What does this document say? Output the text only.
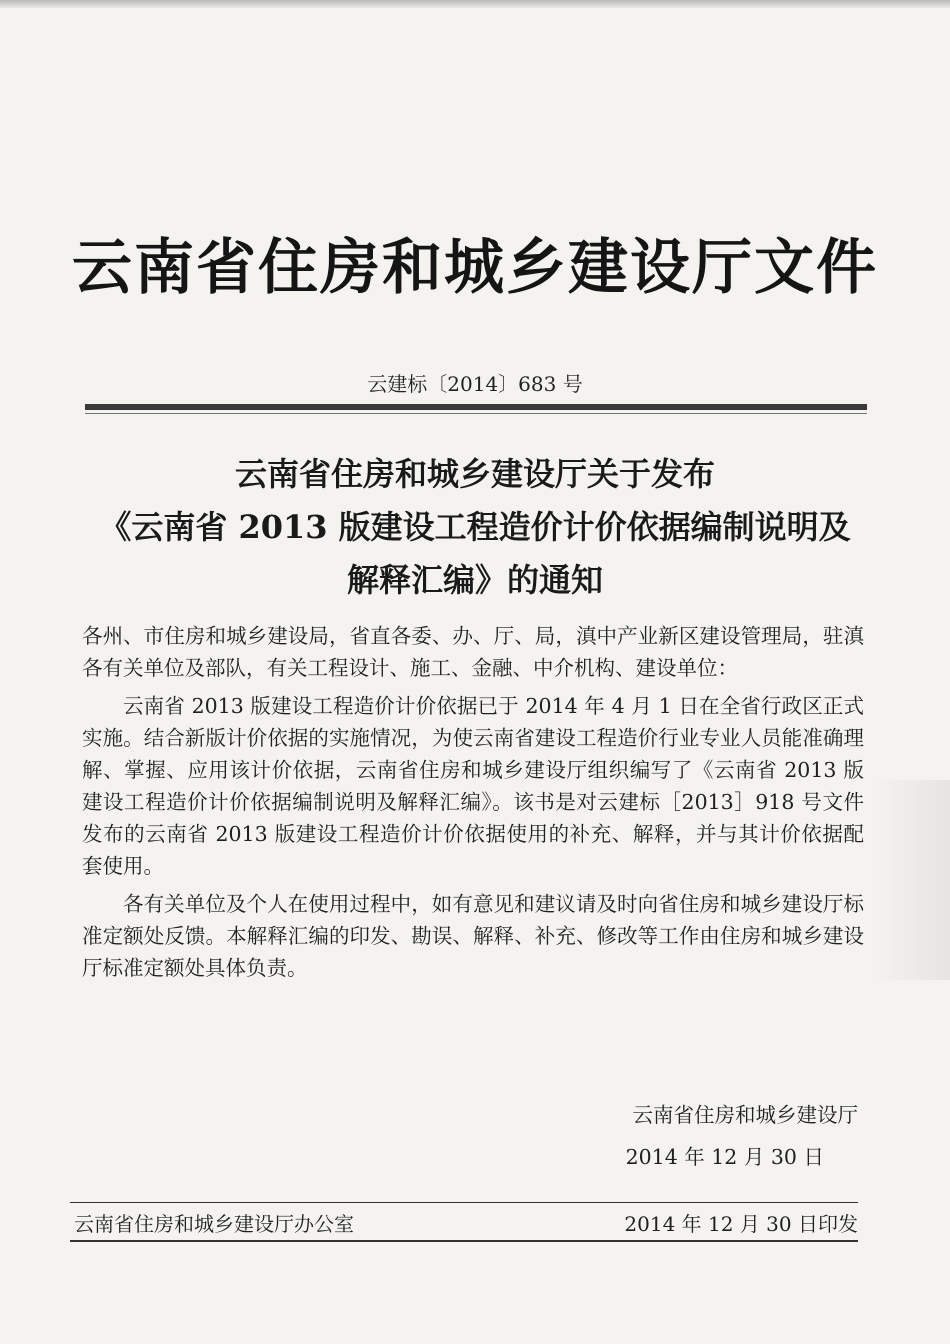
云南省住房和城乡建设厅文件
云建标〔2014〕683 号
云南省住房和城乡建设厅关于发布
《云南省 2013 版建设工程造价计价依据编制说明及
解释汇编》的通知

各州、市住房和城乡建设局，省直各委、办、厅、局，滇中产业新区建设管理局，驻滇各有关单位及部队，有关工程设计、施工、金融、中介机构、建设单位：

云南省 2013 版建设工程造价计价依据已于 2014 年 4 月 1 日在全省行政区正式实施。结合新版计价依据的实施情况，为使云南省建设工程造价行业专业人员能准确理解、掌握、应用该计价依据，云南省住房和城乡建设厅组织编写了《云南省 2013 版建设工程造价计价依据编制说明及解释汇编》。该书是对云建标［2013］918 号文件发布的云南省 2013 版建设工程造价计价依据使用的补充、解释，并与其计价依据配套使用。

各有关单位及个人在使用过程中，如有意见和建议请及时向省住房和城乡建设厅标准定额处反馈。本解释汇编的印发、勘误、解释、补充、修改等工作由住房和城乡建设厅标准定额处具体负责。

云南省住房和城乡建设厅
2014 年 12 月 30 日
云南省住房和城乡建设厅办公室	2014 年 12 月 30 日印发
